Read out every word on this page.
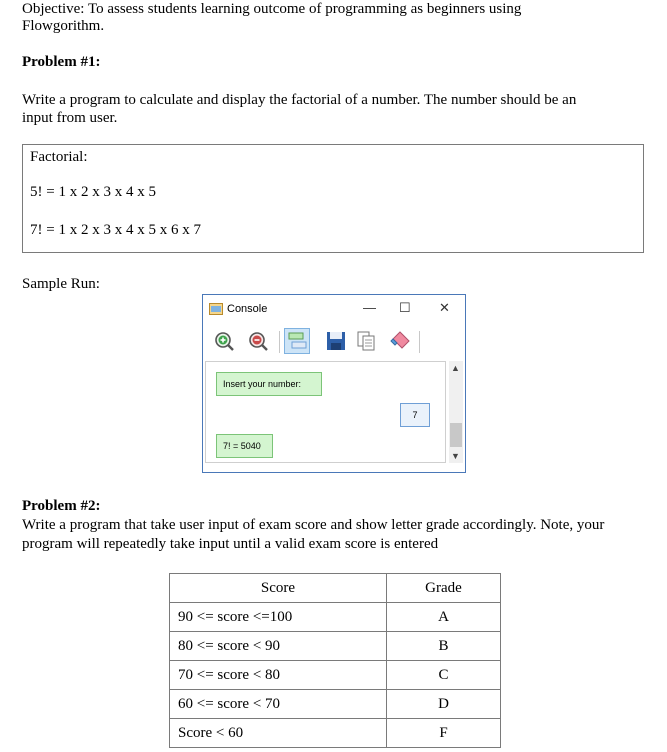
Objective: To assess students learning outcome of programming as beginners using
Flowgorithm.
Problem #1:
Write a program to calculate and display the factorial of a number. The number should be an
input from user.
Factorial:
5! = 1 x 2 x 3 x 4 x 5
7! = 1 x 2 x 3 x 4 x 5 x 6 x 7
Sample Run:
Console	— ☐ ✕
Insert your number:
7
7! = 5040
▲
▼
Problem #2:
Write a program that take user input of exam score and show letter grade accordingly. Note, your
program will repeatedly take input until a valid exam score is entered
Score	Grade
90 <= score <=100	A
80 <= score < 90	B
70 <= score < 80	C
60 <= score < 70	D
Score < 60	F
